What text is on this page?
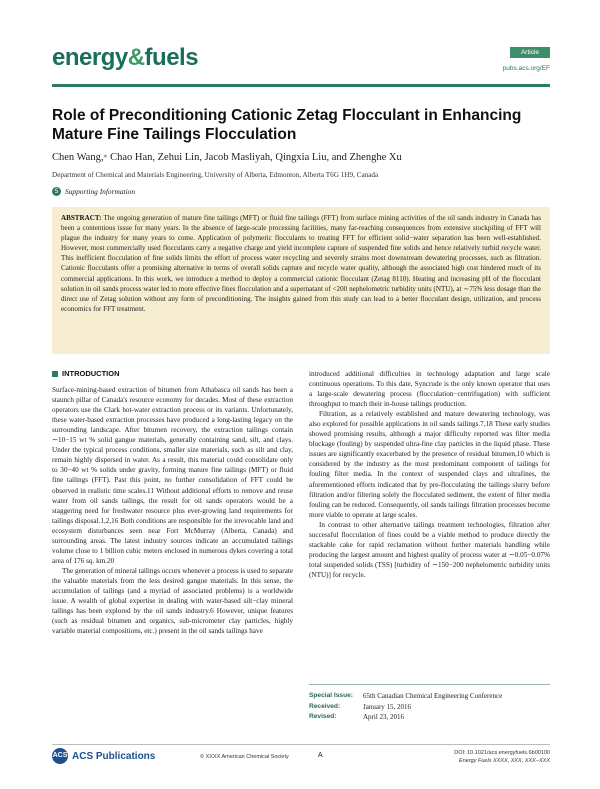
energy&fuels	Article
pubs.acs.org/EF
Role of Preconditioning Cationic Zetag Flocculant in Enhancing Mature Fine Tailings Flocculation
Chen Wang,* Chao Han, Zehui Lin, Jacob Masliyah, Qingxia Liu, and Zhenghe Xu
Department of Chemical and Materials Engineering, University of Alberta, Edmonton, Alberta T6G 1H9, Canada
S Supporting Information

ABSTRACT: The ongoing generation of mature fine tailings (MFT) or fluid fine tailings (FFT) from surface mining activities of the oil sands industry in Canada has been a contentious issue for many years. In the absence of large-scale processing facilities, many far-reaching consequences from extensive stockpiling of FFT will plague the industry for many years to come. Application of polymeric flocculants to treating FFT for efficient solid−water separation has been well-established. However, most commercially used flocculants carry a negative charge and yield incomplete capture of suspended fine solids and hence relatively turbid recycle water. This inefficient flocculation of fine solids limits the effort of process water recycling and severely strains most downstream dewatering processes, such as filtration. Cationic flocculants offer a promising alternative in terms of overall solids capture and recycle water quality, although the associated high cost hindered much of its commercial applications. In this work, we introduce a method to deploy a commercial cationic flocculant (Zetag 8110). Heating and increasing pH of the flocculant solution in oil sands process water led to more effective fines flocculation and a supernatant of <200 nephelometric turbidity units (NTU), at ∼75% less dosage than the direct use of Zetag solution without any form of preconditioning. The insights gained from this study can lead to a better flocculant design, utilization, and process economics for FFT treatment.

INTRODUCTION

Surface-mining-based extraction of bitumen from Athabasca oil sands has been a staunch pillar of Canada's resource economy for decades. Most of these extraction operators use the Clark hot-water extraction process or its variants. Unfortunately, these water-based extraction processes have produced a long-lasting legacy on the surrounding landscape. After bitumen recovery, the extraction tailings contain ∼10−15 wt % solid gangue materials, generally containing sand, silt, and clays. Under the typical process conditions, smaller size materials, such as silt and clay, remain highly dispersed in water. As a result, this material could consolidate only to 30−40 wt % solids under gravity, forming mature fine tailings (MFT) or fluid fine tailings (FFT). Past this point, no further consolidation of FFT could be observed in realistic time scales.11 Without additional efforts to remove and reuse water from oil sands tailings, the result for oil sands operators would be a staggering need for freshwater resource plus ever-growing land requirements for tailings disposal.1,2,16 Both conditions are responsible for the irrevocable land and ecosystem disturbances seen near Fort McMurray (Alberta, Canada) and surrounding areas. The latest industry sources indicate an accumulated tailings volume close to 1 billion cubic meters enclosed in numerous dykes covering a total area of 176 sq. km.20

The generation of mineral tailings occurs whenever a process is used to separate the valuable materials from the less desired gangue materials. In this sense, the accumulation of tailings (and a myriad of associated problems) is a worldwide issue. A wealth of global expertise in dealing with water-based silt−clay mineral tailings has been explored by the oil sands industry.6 However, unique features (such as residual bitumen and organics, sub-micrometer clay particles, highly variable material compositions, etc.) present in the oil sands tailings have

introduced additional difficulties in technology adaptation and large scale continuous operations. To this date, Syncrude is the only known operator that uses a large-scale dewatering process (flocculation−centrifugation) with sufficient throughput to match their in-house tailings production.

Filtration, as a relatively established and mature dewatering technology, was also explored for possible applications in oil sands tailings.7,18 These early studies showed promising results, although a major difficulty reported was filter media blockage (fouling) by suspended ultra-fine clay particles in the liquid phase. These issues are significantly exacerbated by the presence of residual bitumen,10 which is considered by the industry as the most predominant component of tailings for fouling filter media. In the context of suspended clays and ultrafines, the aforementioned efforts indicated that by pre-flocculating the tailings slurry before filtration and/or filtering solely the flocculated sediment, the extent of filter media fouling can be reduced. Consequently, oil sands tailings filtration processes become more viable to operate at large scales.

In contrast to other alternative tailings treatment technologies, filtration after successful flocculation of fines could be a viable method to produce directly the stackable cake for rapid reclamation without further materials handling while producing the largest amount and highest quality of process water at ∼0.05−0.07% total suspended solids (TSS) [turbidity of ∼150−200 nephelometric turbidity units (NTU)] for recycle.

Special Issue:	65th Canadian Chemical Engineering Conference
Received:	January 15, 2016
Revised:	April 23, 2016
ACS ACS Publications	© XXXX American Chemical Society	A	DOI: 10.1021/acs.energyfuels.6b00100
Energy Fuels XXXX, XXX, XXX−XXX
